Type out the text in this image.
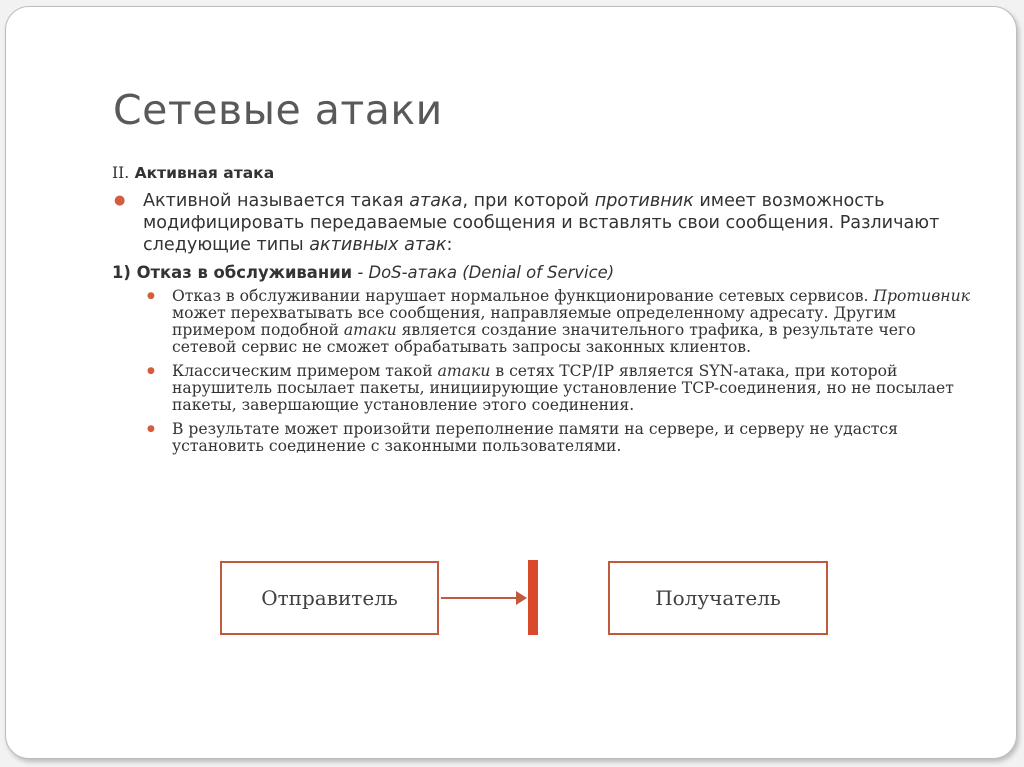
Сетевые атаки
II. Активная атака
● Активной называется такая атака, при которой противник имеет возможность модифицировать передаваемые сообщения и вставлять свои сообщения. Различают следующие типы активных атак:
1) Отказ в обслуживании - DoS-атака (Denial of Service)
● Отказ в обслуживании нарушает нормальное функционирование сетевых сервисов. Противник может перехватывать все сообщения, направляемые определенному адресату. Другим примером подобной атаки является создание значительного трафика, в результате чего сетевой сервис не сможет обрабатывать запросы законных клиентов.
● Классическим примером такой атаки в сетях TCP/IP является SYN-атака, при которой нарушитель посылает пакеты, инициирующие установление TCP-соединения, но не посылает пакеты, завершающие установление этого соединения.
● В результате может произойти переполнение памяти на сервере, и серверу не удастся установить соединение с законными пользователями.
Отправитель	Получатель
